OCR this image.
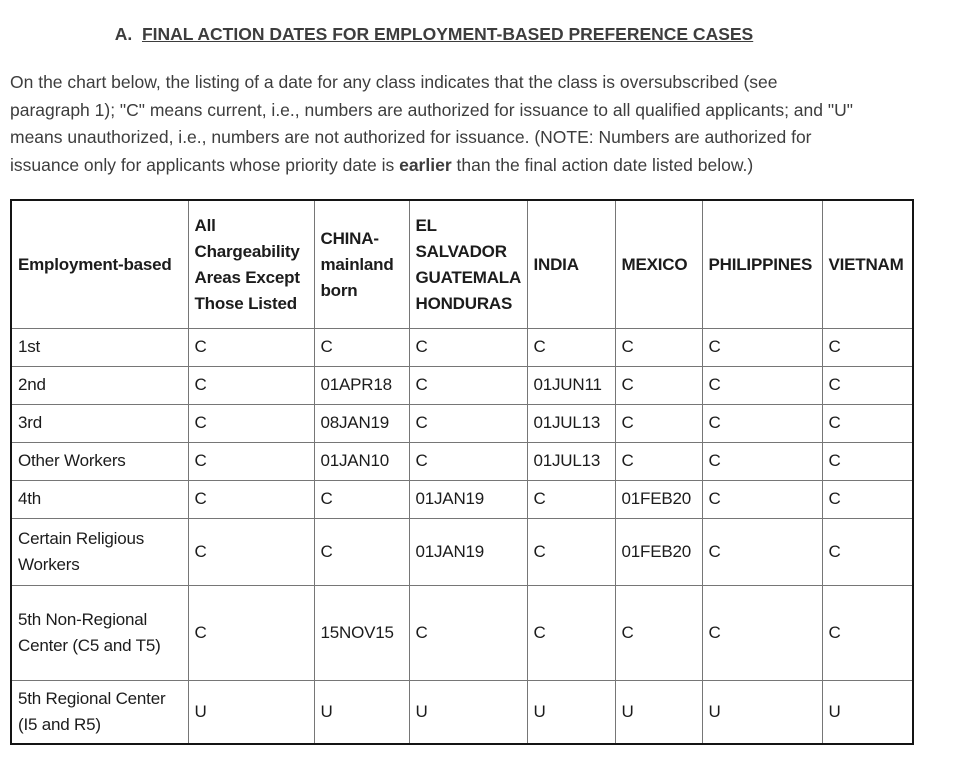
A. FINAL ACTION DATES FOR EMPLOYMENT-BASED PREFERENCE CASES

On the chart below, the listing of a date for any class indicates that the class is oversubscribed (see paragraph 1); "C" means current, i.e., numbers are authorized for issuance to all qualified applicants; and "U" means unauthorized, i.e., numbers are not authorized for issuance. (NOTE: Numbers are authorized for issuance only for applicants whose priority date is earlier than the final action date listed below.)

Employment-based	All Chargeability Areas Except Those Listed	CHINA-mainland born	EL SALVADOR GUATEMALA HONDURAS	INDIA	MEXICO	PHILIPPINES	VIETNAM
1st	C	C	C	C	C	C	C
2nd	C	01APR18	C	01JUN11	C	C	C
3rd	C	08JAN19	C	01JUL13	C	C	C
Other Workers	C	01JAN10	C	01JUL13	C	C	C
4th	C	C	01JAN19	C	01FEB20	C	C
Certain Religious Workers	C	C	01JAN19	C	01FEB20	C	C
5th Non-Regional Center (C5 and T5)	C	15NOV15	C	C	C	C	C
5th Regional Center (I5 and R5)	U	U	U	U	U	U	U
